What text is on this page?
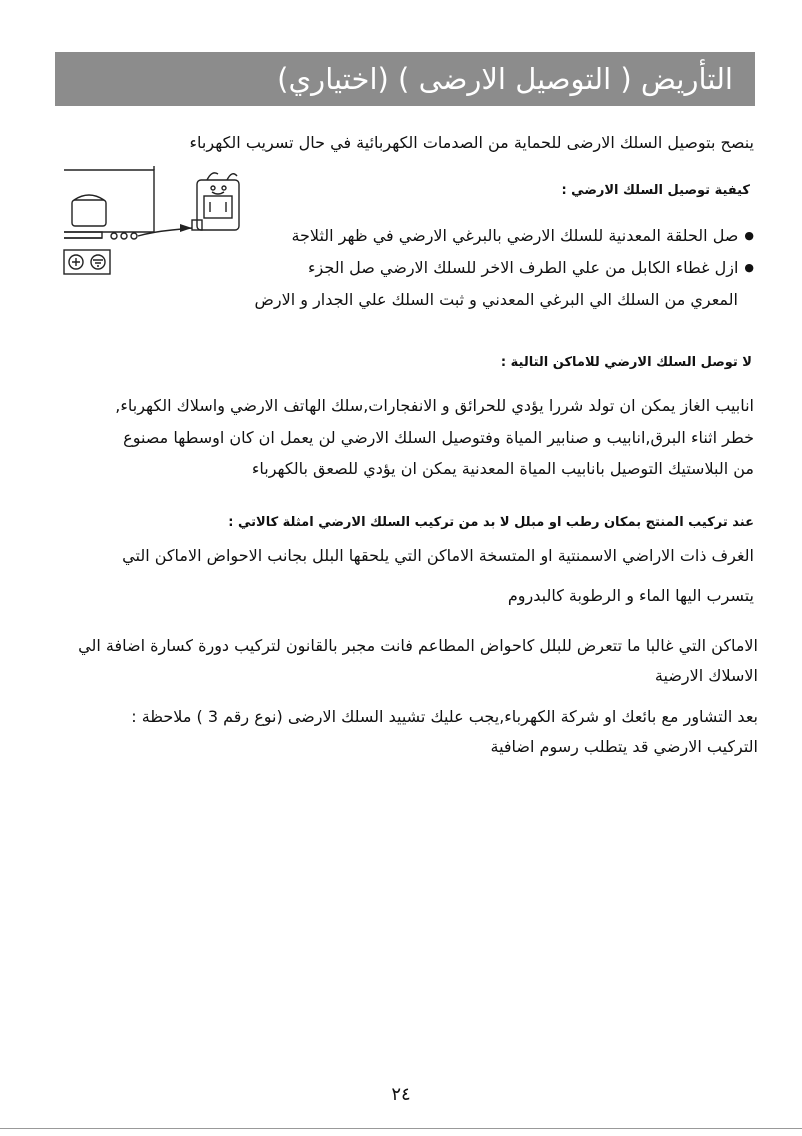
التأريض ( التوصيل الارضى ) (اختياري)
ينصح بتوصيل السلك الارضى للحماية من الصدمات الكهربائية في حال تسريب الكهرباء
كيفية توصيل السلك الارضي :
● صل الحلقة المعدنية للسلك الارضي بالبرغي الارضي في ظهر الثلاجة
● ازل غطاء الكابل من علي الطرف الاخر للسلك الارضي صل الجزء
المعري من السلك الي البرغي المعدني و ثبت السلك علي الجدار و الارض
لا توصل السلك الارضي للاماكن التالية :
انابيب الغاز يمكن ان تولد شررا يؤدي للحرائق و الانفجارات,سلك الهاتف الارضي واسلاك الكهرباء,
خطر اثناء البرق,انابيب و صنابير المياة وفتوصيل السلك الارضي لن يعمل ان كان اوسطها مصنوع
من البلاستيك التوصيل بانابيب المياة المعدنية يمكن ان يؤدي للصعق بالكهرباء
عند تركيب المنتج بمكان رطب او مبلل لا بد من تركيب السلك الارضي امثلة كالاتي :
الغرف ذات الاراضي الاسمنتية او المتسخة الاماكن التي يلحقها البلل بجانب الاحواض الاماكن التي
يتسرب اليها الماء و الرطوبة كالبدروم
الاماكن التي غالبا ما تتعرض للبلل كاحواض المطاعم فانت مجبر بالقانون لتركيب دورة كسارة اضافة الي
الاسلاك الارضية
بعد التشاور مع بائعك او شركة الكهرباء,يجب عليك تشييد السلك الارضى (نوع رقم 3 ) ملاحظة :
التركيب الارضي قد يتطلب رسوم اضافية
٢٤
